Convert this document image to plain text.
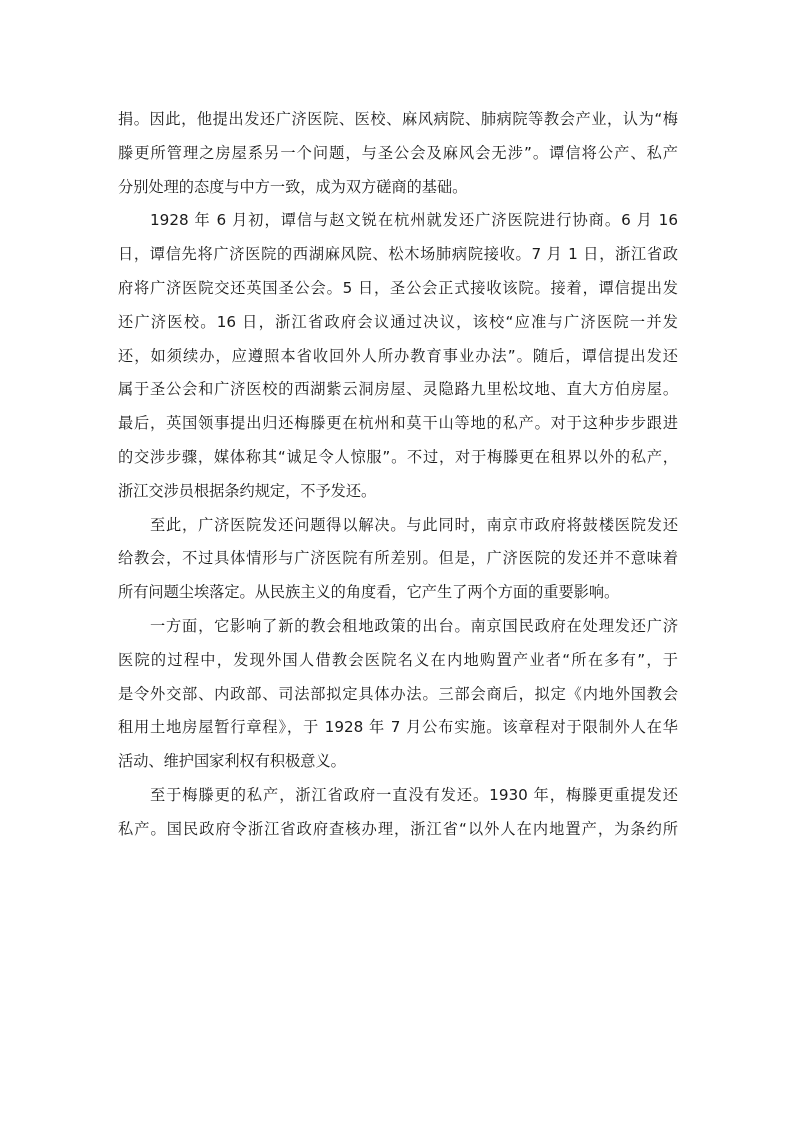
捐。因此，他提出发还广济医院、医校、麻风病院、肺病院等教会产业，认为“梅
滕更所管理之房屋系另一个问题，与圣公会及麻风会无涉”。谭信将公产、私产
分别处理的态度与中方一致，成为双方磋商的基础。
1928 年 6 月初，谭信与赵文锐在杭州就发还广济医院进行协商。6 月 16
日，谭信先将广济医院的西湖麻风院、松木场肺病院接收。7 月 1 日，浙江省政
府将广济医院交还英国圣公会。5 日，圣公会正式接收该院。接着，谭信提出发
还广济医校。16 日，浙江省政府会议通过决议，该校“应准与广济医院一并发
还，如须续办，应遵照本省收回外人所办教育事业办法”。随后，谭信提出发还
属于圣公会和广济医校的西湖紫云洞房屋、灵隐路九里松坟地、直大方伯房屋。
最后，英国领事提出归还梅滕更在杭州和莫干山等地的私产。对于这种步步跟进
的交涉步骤，媒体称其“诚足令人惊服”。不过，对于梅滕更在租界以外的私产，
浙江交涉员根据条约规定，不予发还。
至此，广济医院发还问题得以解决。与此同时，南京市政府将鼓楼医院发还
给教会，不过具体情形与广济医院有所差别。但是，广济医院的发还并不意味着
所有问题尘埃落定。从民族主义的角度看，它产生了两个方面的重要影响。
一方面，它影响了新的教会租地政策的出台。南京国民政府在处理发还广济
医院的过程中，发现外国人借教会医院名义在内地购置产业者“所在多有”，于
是令外交部、内政部、司法部拟定具体办法。三部会商后，拟定《内地外国教会
租用土地房屋暂行章程》，于 1928 年 7 月公布实施。该章程对于限制外人在华
活动、维护国家利权有积极意义。
至于梅滕更的私产，浙江省政府一直没有发还。1930 年，梅滕更重提发还
私产。国民政府令浙江省政府查核办理，浙江省“以外人在内地置产，为条约所
